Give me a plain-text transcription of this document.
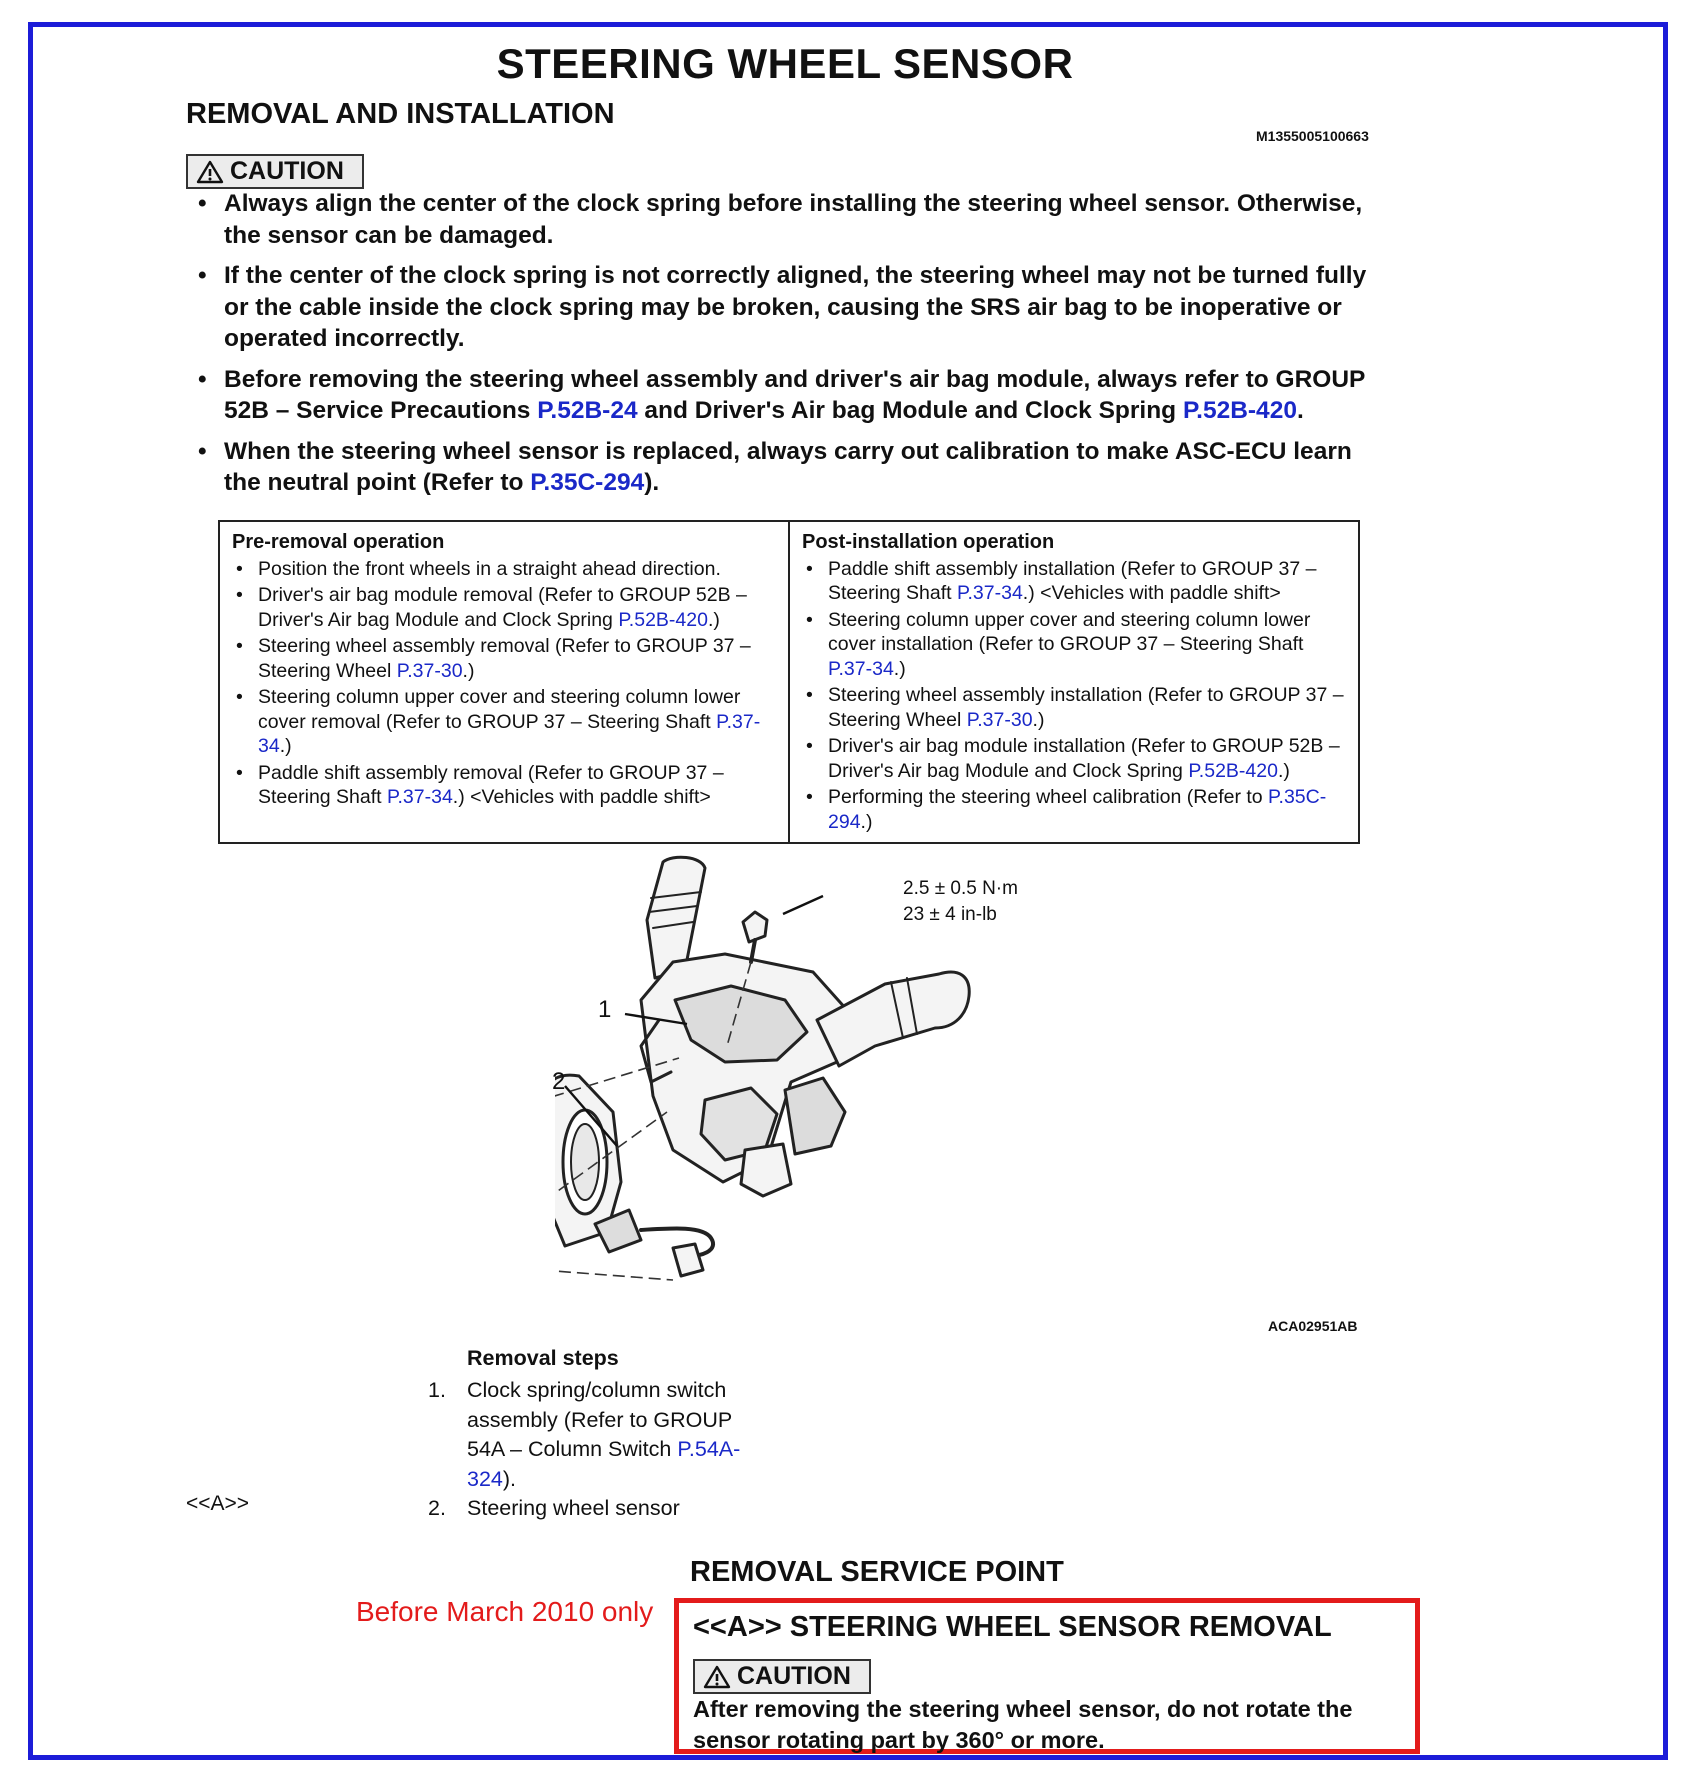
STEERING WHEEL SENSOR
REMOVAL AND INSTALLATION
M1355005100663
CAUTION
• Always align the center of the clock spring before installing the steering wheel sensor. Otherwise, the sensor can be damaged.
• If the center of the clock spring is not correctly aligned, the steering wheel may not be turned fully or the cable inside the clock spring may be broken, causing the SRS air bag to be inoperative or operated incorrectly.
• Before removing the steering wheel assembly and driver's air bag module, always refer to GROUP 52B – Service Precautions P.52B-24 and Driver's Air bag Module and Clock Spring P.52B-420.
• When the steering wheel sensor is replaced, always carry out calibration to make ASC-ECU learn the neutral point (Refer to P.35C-294).
Pre-removal operation
• Position the front wheels in a straight ahead direction.
• Driver's air bag module removal (Refer to GROUP 52B – Driver's Air bag Module and Clock Spring P.52B-420.)
• Steering wheel assembly removal (Refer to GROUP 37 – Steering Wheel P.37-30.)
• Steering column upper cover and steering column lower cover removal (Refer to GROUP 37 – Steering Shaft P.37-34.)
• Paddle shift assembly removal (Refer to GROUP 37 – Steering Shaft P.37-34.) <Vehicles with paddle shift>
Post-installation operation
• Paddle shift assembly installation (Refer to GROUP 37 – Steering Shaft P.37-34.) <Vehicles with paddle shift>
• Steering column upper cover and steering column lower cover installation (Refer to GROUP 37 – Steering Shaft P.37-34.)
• Steering wheel assembly installation (Refer to GROUP 37 – Steering Wheel P.37-30.)
• Driver's air bag module installation (Refer to GROUP 52B – Driver's Air bag Module and Clock Spring P.52B-420.)
• Performing the steering wheel calibration (Refer to P.35C-294.)
2.5 ± 0.5 N·m
23 ± 4 in-lb
1
2
ACA02951AB
Removal steps
1. Clock spring/column switch assembly (Refer to GROUP 54A – Column Switch P.54A-324).
2. Steering wheel sensor
<<A>>
REMOVAL SERVICE POINT
Before March 2010 only <<A>> STEERING WHEEL SENSOR REMOVAL
CAUTION
After removing the steering wheel sensor, do not rotate the sensor rotating part by 360° or more.
